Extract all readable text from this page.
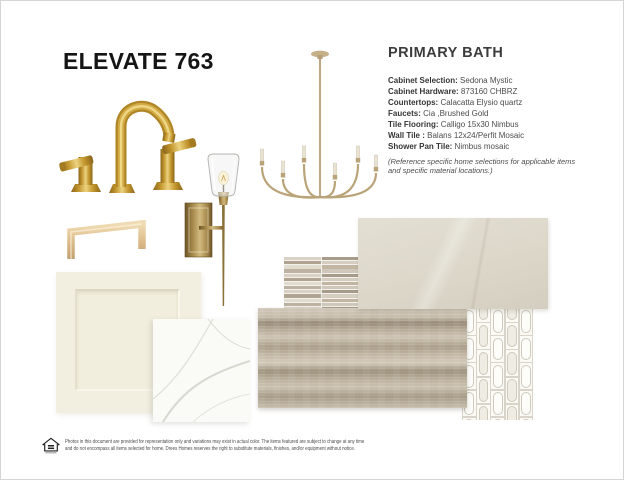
ELEVATE 763	PRIMARY BATH
Cabinet Selection: Sedona Mystic
Cabinet Hardware: 873160 CHBRZ
Countertops: Calacatta Elysio quartz
Faucets: Cia ,Brushed Gold
Tile Flooring: Calligo 15x30 Nimbus
Wall Tile : Balans 12x24/Perfit Mosaic
Shower Pan Tile: Nimbus mosaic

(Reference specific home selections for applicable items and specific material locations.)

Photos in this document are provided for representation only and variations may exist in actual color. The items featured are subject to change at any time
and do not encompass all items selected for home. Drees Homes reserves the right to substitute materials, finishes, and/or equipment without notice.
